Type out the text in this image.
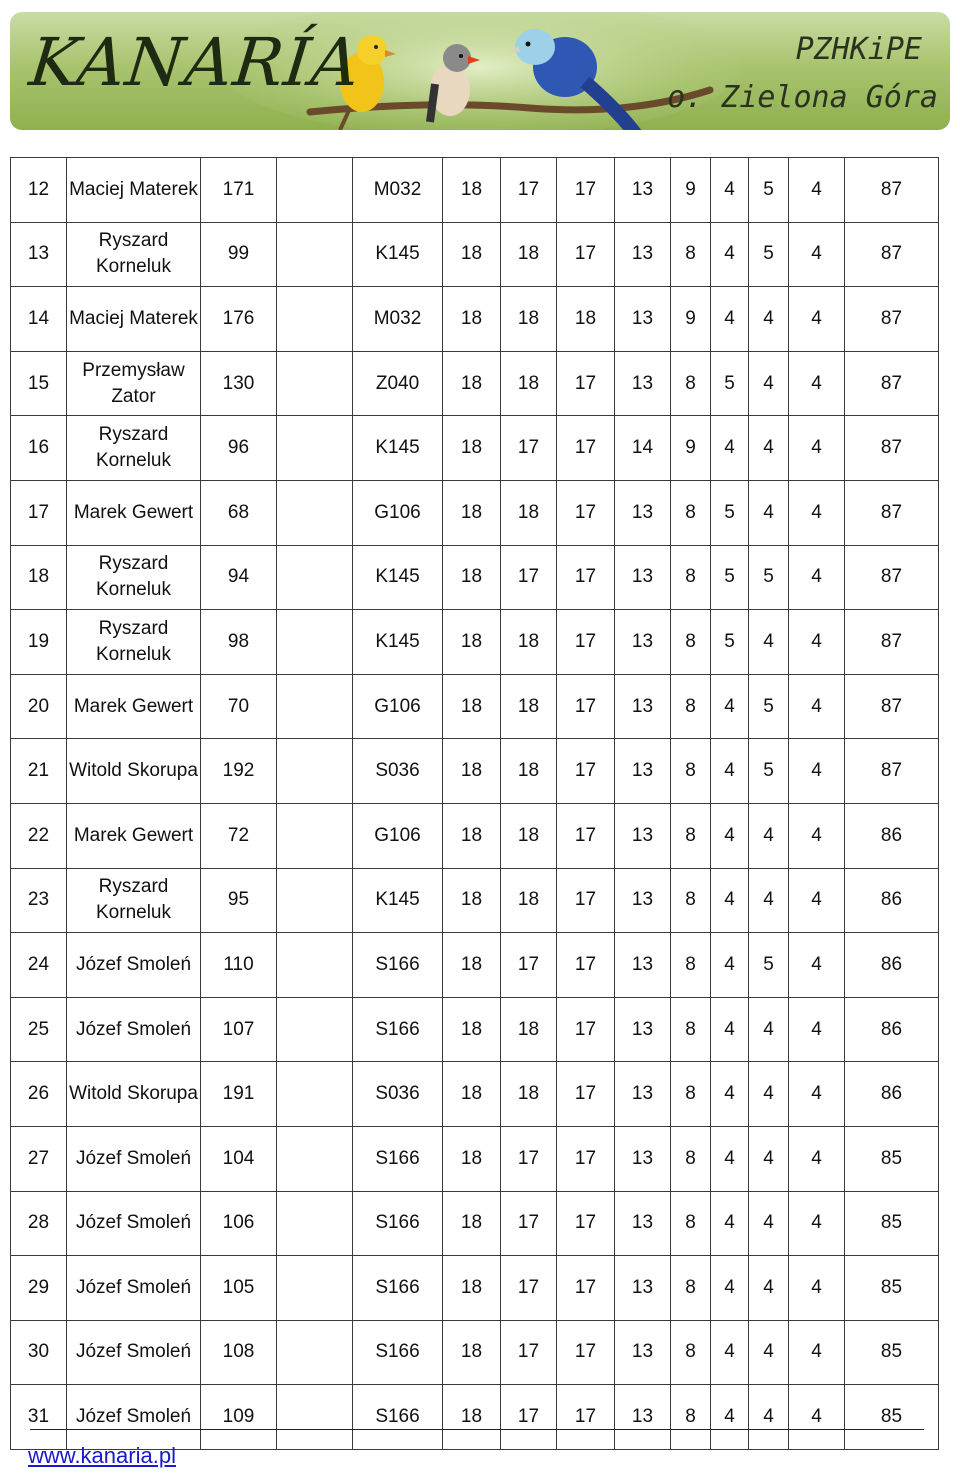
KANARÍA	PZHKiPE
o. Zielona Góra
12	Maciej Materek	171		M032	18	17	17	13	9	4	5	4	87
13	Ryszard Korneluk	99		K145	18	18	17	13	8	4	5	4	87
14	Maciej Materek	176		M032	18	18	18	13	9	4	4	4	87
15	Przemysław Zator	130		Z040	18	18	17	13	8	5	4	4	87
16	Ryszard Korneluk	96		K145	18	17	17	14	9	4	4	4	87
17	Marek Gewert	68		G106	18	18	17	13	8	5	4	4	87
18	Ryszard Korneluk	94		K145	18	17	17	13	8	5	5	4	87
19	Ryszard Korneluk	98		K145	18	18	17	13	8	5	4	4	87
20	Marek Gewert	70		G106	18	18	17	13	8	4	5	4	87
21	Witold Skorupa	192		S036	18	18	17	13	8	4	5	4	87
22	Marek Gewert	72		G106	18	18	17	13	8	4	4	4	86
23	Ryszard Korneluk	95		K145	18	18	17	13	8	4	4	4	86
24	Józef Smoleń	110		S166	18	17	17	13	8	4	5	4	86
25	Józef Smoleń	107		S166	18	18	17	13	8	4	4	4	86
26	Witold Skorupa	191		S036	18	18	17	13	8	4	4	4	86
27	Józef Smoleń	104		S166	18	17	17	13	8	4	4	4	85
28	Józef Smoleń	106		S166	18	17	17	13	8	4	4	4	85
29	Józef Smoleń	105		S166	18	17	17	13	8	4	4	4	85
30	Józef Smoleń	108		S166	18	17	17	13	8	4	4	4	85
31	Józef Smoleń	109		S166	18	17	17	13	8	4	4	4	85
www.kanaria.pl
